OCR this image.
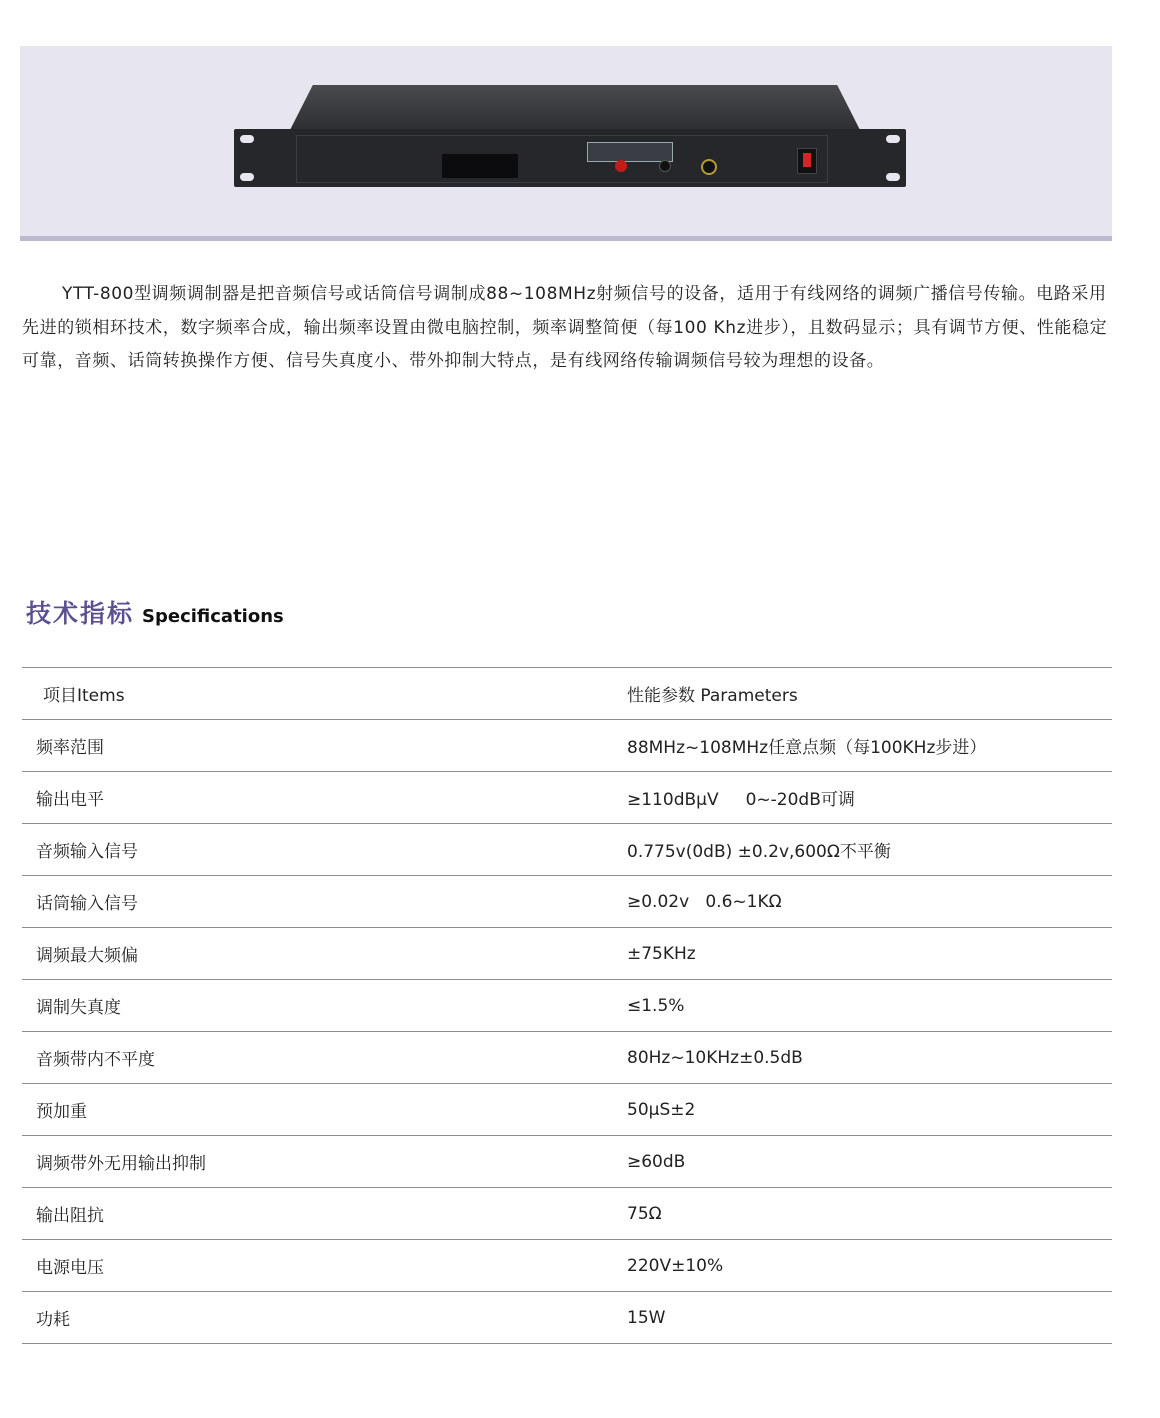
YTT-800型调频调制器是把音频信号或话筒信号调制成88~108MHz射频信号的设备，适用于有线网络的调频广播信号传输。电路采用先进的锁相环技术，数字频率合成，输出频率设置由微电脑控制，频率调整简便（每100 Khz进步），且数码显示；具有调节方便、性能稳定可靠，音频、话筒转换操作方便、信号失真度小、带外抑制大特点，是有线网络传输调频信号较为理想的设备。

技术指标 Specifications
项目Items	性能参数 Parameters
频率范围	88MHz~108MHz任意点频（每100KHz步进）
输出电平	≥110dBμV     0~-20dB可调
音频输入信号	0.775v(0dB) ±0.2v,600Ω不平衡
话筒输入信号	≥0.02v   0.6~1KΩ
调频最大频偏	±75KHz
调制失真度	≤1.5%
音频带内不平度	80Hz~10KHz±0.5dB
预加重	50μS±2
调频带外无用输出抑制	≥60dB
输出阻抗	75Ω
电源电压	220V±10%
功耗	15W
